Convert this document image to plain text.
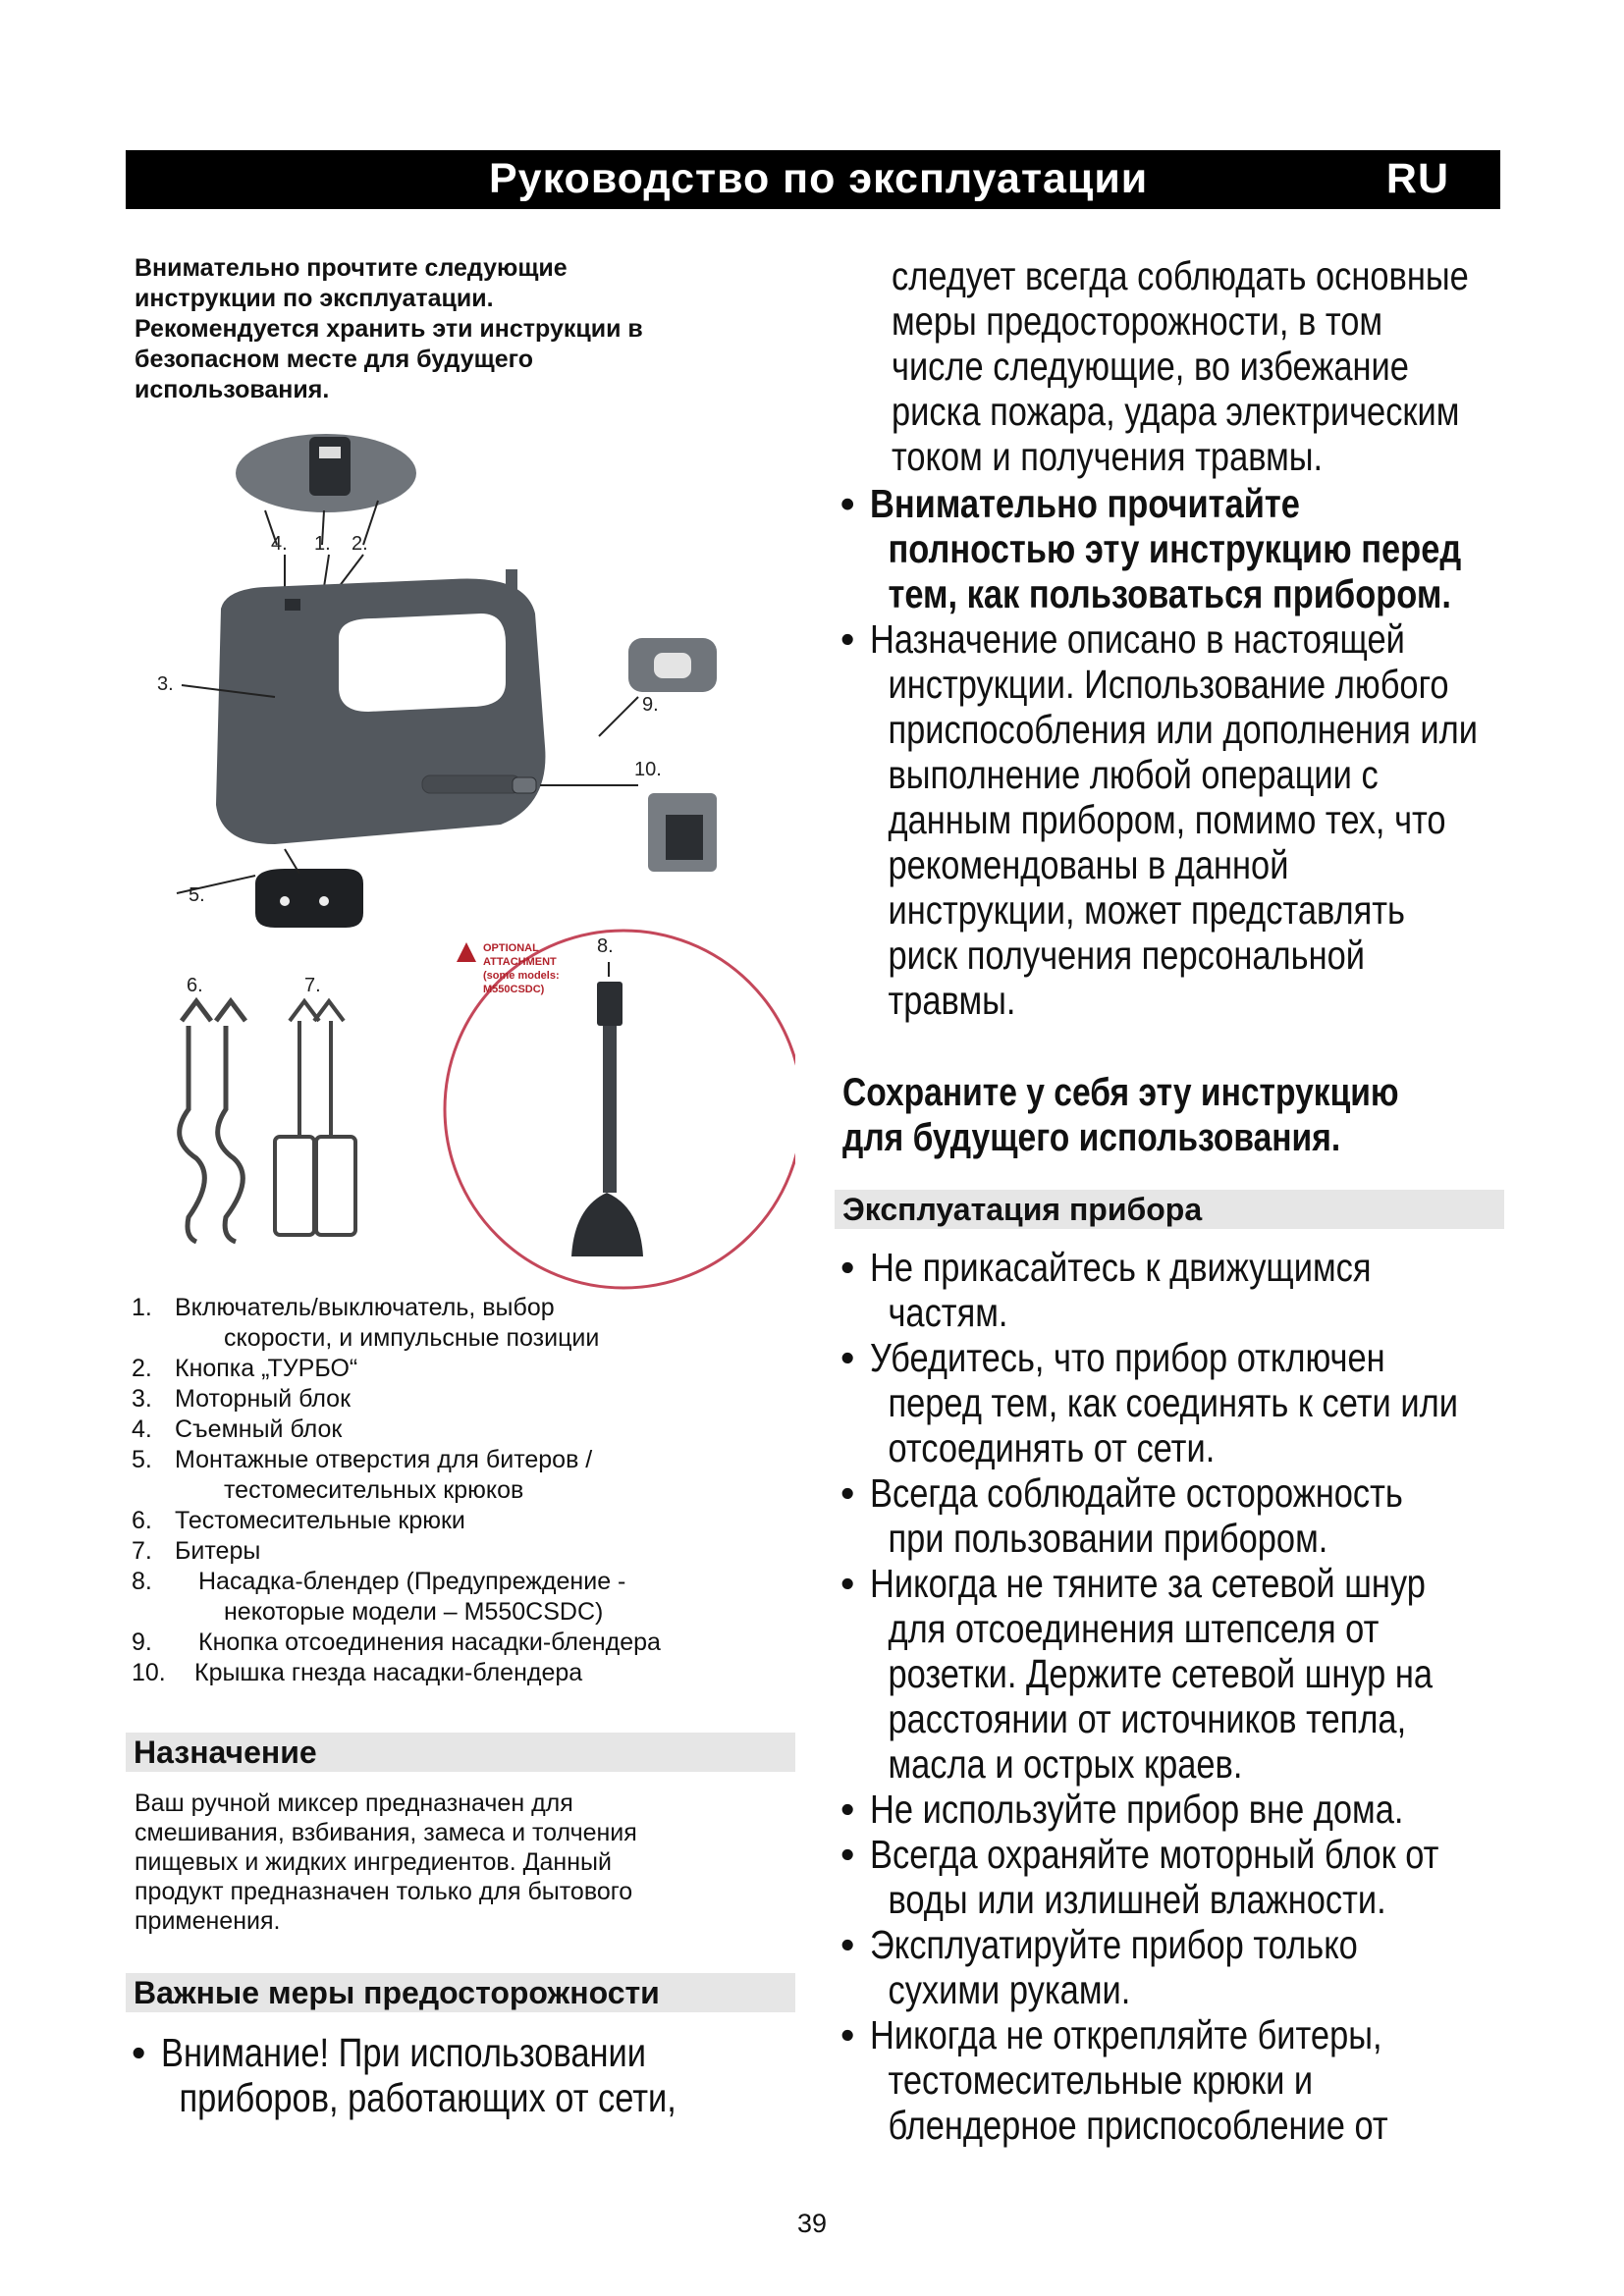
Руководство по эксплуатации	RU

Внимательно прочтите следующие

инструкции по эксплуатации.

Рекомендуется хранить эти инструкции в

безопасном месте для будущего

использования.

4. 1. 2.
3.
9.
10.
5.
6.	7.
OPTIONAL
ATTACHMENT
(some models:
M550CSDC)
8.
1. Включатель/выключатель, выбор
скорости, и импульсные позиции
2. Кнопка „ТУРБО“
3. Моторный блок
4. Съемный блок
5. Монтажные отверстия для битеров /
тестомесительных крюков
6. Тестомесительные крюки
7. Битеры
8. Насадка-блендер (Предупреждение -
некоторые модели – M550CSDC)
9. Кнопка отсоединения насадки-блендера
10. Крышка гнезда насадки-блендера
Назначение
Ваш ручной миксер предназначен для
смешивания, взбивания, замеса и толчения
пищевых и жидких ингредиентов. Данный
продукт предназначен только для бытового
применения.
Важные меры предосторожности
• Внимание! При использовании
приборов, работающих от сети,
следует всегда соблюдать основные
меры предосторожности, в том
числе следующие, во избежание
риска пожара, удара электрическим
током и получения травмы.
• Внимательно прочитайте
полностью эту инструкцию перед
тем, как пользоваться прибором.
• Назначение описано в настоящей
инструкции. Использование любого
приспособления или дополнения или
выполнение любой операции с
данным прибором, помимо тех, что
рекомендованы в данной
инструкции, может представлять
риск получения персональной
травмы.
Сохраните у себя эту инструкцию
для будущего использования.
Эксплуатация прибора
• Не прикасайтесь к движущимся
частям.
• Убедитесь, что прибор отключен
перед тем, как соединять к сети или
отсоединять от сети.
• Всегда соблюдайте осторожность
при пользовании прибором.
• Никогда не тяните за сетевой шнур
для отсоединения штепселя от
розетки. Держите сетевой шнур на
расстоянии от источников тепла,
масла и острых краев.
• Не используйте прибор вне дома.
• Всегда охраняйте моторный блок от
воды или излишней влажности.
• Эксплуатируйте прибор только
сухими руками.
• Никогда не открепляйте битеры,
тестомесительные крюки и
блендерное приспособление от
39
